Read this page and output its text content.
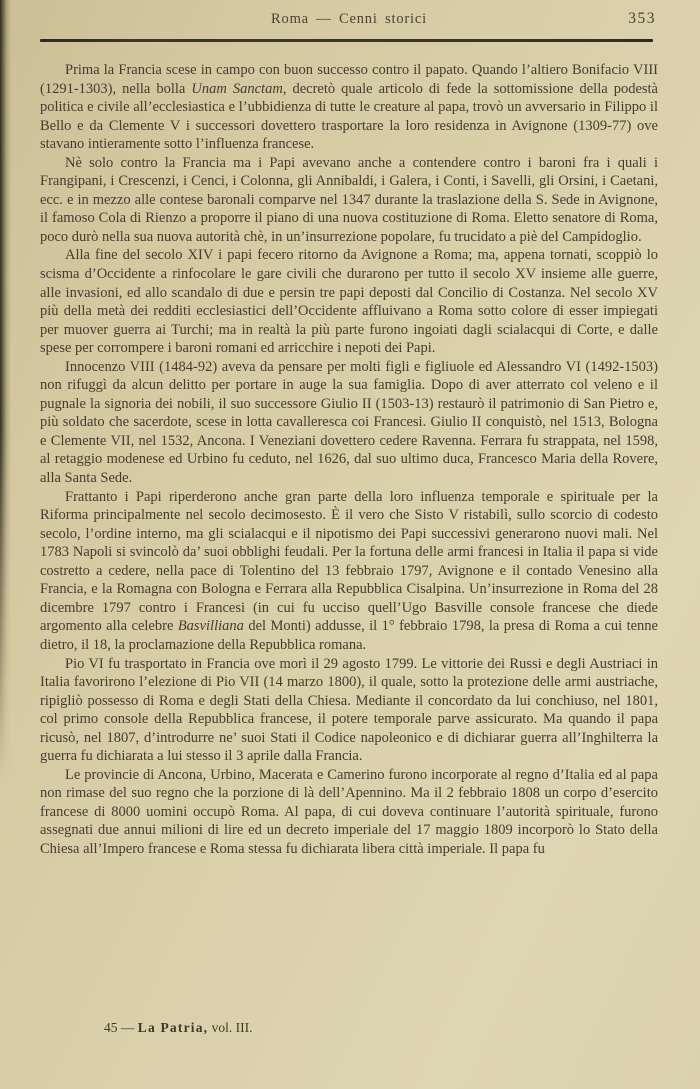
Roma — Cenni storici	353

Prima la Francia scese in campo con buon successo contro il papato. Quando l’altiero Bonifacio VIII (1291-1303), nella bolla Unam Sanctam, decretò quale articolo di fede la sottomissione della podestà politica e civile all’ecclesiastica e l’ubbidienza di tutte le creature al papa, trovò un avversario in Filippo il Bello e da Clemente V i successori dovettero trasportare la loro residenza in Avignone (1309-77) ove stavano intieramente sotto l’influenza francese.

Nè solo contro la Francia ma i Papi avevano anche a contendere contro i baroni fra i quali i Frangipani, i Crescenzi, i Cenci, i Colonna, gli Annibaldi, i Galera, i Conti, i Savelli, gli Orsini, i Caetani, ecc. e in mezzo alle contese baronali comparve nel 1347 durante la traslazione della S. Sede in Avignone, il famoso Cola di Rienzo a proporre il piano di una nuova costituzione di Roma. Eletto senatore di Roma, poco durò nella sua nuova autorità chè, in un’insurrezione popolare, fu trucidato a piè del Campidoglio.

Alla fine del secolo XIV i papi fecero ritorno da Avignone a Roma; ma, appena tornati, scoppiò lo scisma d’Occidente a rinfocolare le gare civili che durarono per tutto il secolo XV insieme alle guerre, alle invasioni, ed allo scandalo di due e persin tre papi deposti dal Concilio di Costanza. Nel secolo XV più della metà dei redditi ecclesiastici dell’Occidente affluivano a Roma sotto colore di esser impiegati per muover guerra ai Turchi; ma in realtà la più parte furono ingoiati dagli scialacqui di Corte, e dalle spese per corrompere i baroni romani ed arricchire i nepoti dei Papi.

Innocenzo VIII (1484-92) aveva da pensare per molti figli e figliuole ed Alessandro VI (1492-1503) non rifuggì da alcun delitto per portare in auge la sua famiglia. Dopo di aver atterrato col veleno e il pugnale la signoria dei nobili, il suo successore Giulio II (1503-13) restaurò il patrimonio di San Pietro e, più soldato che sacerdote, scese in lotta cavalleresca coi Francesi. Giulio II conquistò, nel 1513, Bologna e Clemente VII, nel 1532, Ancona. I Veneziani dovettero cedere Ravenna. Ferrara fu strappata, nel 1598, al retaggio modenese ed Urbino fu ceduto, nel 1626, dal suo ultimo duca, Francesco Maria della Rovere, alla Santa Sede.

Frattanto i Papi riperderono anche gran parte della loro influenza temporale e spirituale per la Riforma principalmente nel secolo decimosesto. È il vero che Sisto V ristabilì, sullo scorcio di codesto secolo, l’ordine interno, ma gli scialacqui e il nipotismo dei Papi successivi generarono nuovi mali. Nel 1783 Napoli si svincolò da’ suoi obblighi feudali. Per la fortuna delle armi francesi in Italia il papa si vide costretto a cedere, nella pace di Tolentino del 13 febbraio 1797, Avignone e il contado Venesino alla Francia, e la Romagna con Bologna e Ferrara alla Repubblica Cisalpina. Un’insurrezione in Roma del 28 dicembre 1797 contro i Francesi (in cui fu ucciso quell’Ugo Basville console francese che diede argomento alla celebre Basvilliana del Monti) addusse, il 1° febbraio 1798, la presa di Roma a cui tenne dietro, il 18, la proclamazione della Repubblica romana.

Pio VI fu trasportato in Francia ove morì il 29 agosto 1799. Le vittorie dei Russi e degli Austriaci in Italia favorirono l’elezione di Pio VII (14 marzo 1800), il quale, sotto la protezione delle armi austriache, ripigliò possesso di Roma e degli Stati della Chiesa. Mediante il concordato da lui conchiuso, nel 1801, col primo console della Repubblica francese, il potere temporale parve assicurato. Ma quando il papa ricusò, nel 1807, d’introdurre ne’ suoi Stati il Codice napoleonico e di dichiarar guerra all’Inghilterra la guerra fu dichiarata a lui stesso il 3 aprile dalla Francia.

Le provincie di Ancona, Urbino, Macerata e Camerino furono incorporate al regno d’Italia ed al papa non rimase del suo regno che la porzione di là dell’Apennino. Ma il 2 febbraio 1808 un corpo d’esercito francese di 8000 uomini occupò Roma. Al papa, di cui doveva continuare l’autorità spirituale, furono assegnati due annui milioni di lire ed un decreto imperiale del 17 maggio 1809 incorporò lo Stato della Chiesa all’Impero francese e Roma stessa fu dichiarata libera città imperiale. Il papa fu

45 — La Patria, vol. III.
